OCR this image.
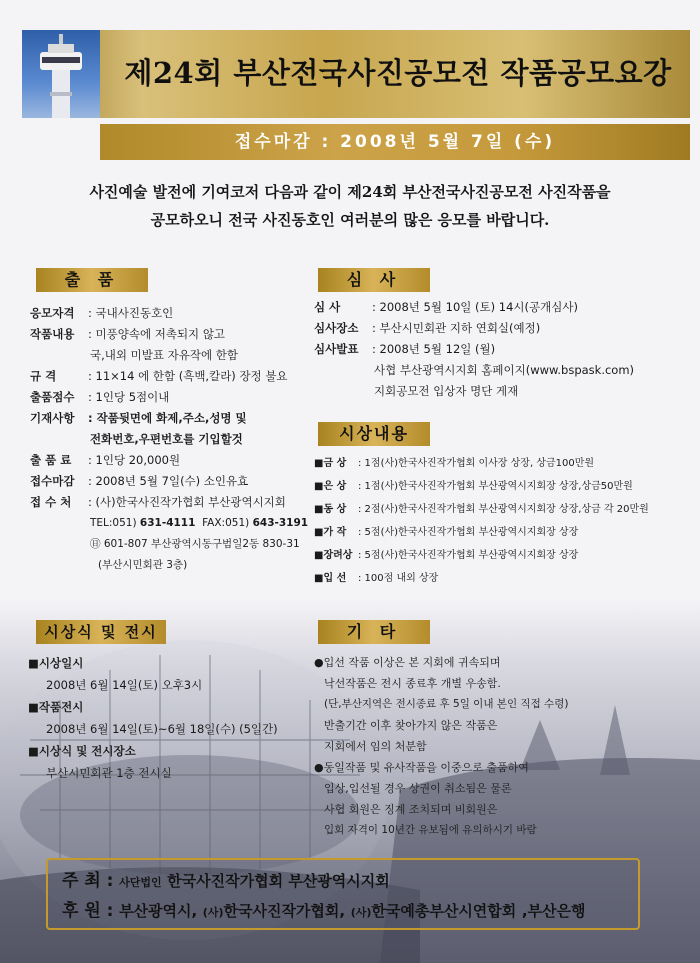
제24회 부산전국사진공모전 작품공모요강
접수마감 : 2008년 5월 7일 (수)
사진예술 발전에 기여코저 다음과 같이 제24회 부산전국사진공모전 사진작품을
공모하오니 전국 사진동호인 여러분의 많은 응모를 바랍니다.
출 품
응모자격	: 국내사진동호인
작품내용	: 미풍양속에 저촉되지 않고
국,내외 미발표 자유작에 한함
규 격	: 11×14 에 한함 (흑백,칼라) 장정 불요
출품점수	: 1인당 5점이내
기재사항	: 작품뒷면에 화제,주소,성명 및
전화번호,우편번호를 기입할것
출 품 료	: 1인당 20,000원
접수마감	: 2008년 5월 7일(수) 소인유효
접 수 처	: (사)한국사진작가협회 부산광역시지회
TEL:051) 631-4111 FAX:051) 643-3191
㊐ 601-807 부산광역시동구범일2동 830-31
(부산시민회관 3층)
심 사
심 사	: 2008년 5월 10일 (토) 14시(공개심사)
심사장소	: 부산시민회관 지하 연회실(예정)
심사발표	: 2008년 5월 12일 (월)
사협 부산광역시지회 홈페이지(www.bspask.com)
지회공모전 입상자 명단 게재
시상내용
■금 상	: 1점(사)한국사진작가협회 이사장 상장, 상금100만원
■은 상	: 1점(사)한국사진작가협회 부산광역시지회장 상장,상금50만원
■동 상	: 2점(사)한국사진작가협회 부산광역시지회장 상장,상금 각 20만원
■가 작	: 5점(사)한국사진작가협회 부산광역시지회장 상장
■장려상 : 5점(사)한국사진작가협회 부산광역시지회장 상장
■입 선	: 100점 내외 상장
시상식 및 전시
■시상일시
2008년 6월 14일(토) 오후3시
■작품전시
2008년 6월 14일(토)~6월 18일(수) (5일간)
■시상식 및 전시장소
부산시민회관 1층 전시실
기 타
●입선 작품 이상은 본 지회에 귀속되며
낙선작품은 전시 종료후 개별 우송함.
(단,부산지역은 전시종료 후 5일 이내 본인 직접 수령)
반출기간 이후 찾아가지 않은 작품은
지회에서 임의 처분함
●동일작품 및 유사작품을 이중으로 출품하여
입상,입선될 경우 상권이 취소됨은 물론
사협 회원은 징계 조치되며 비회원은
입회 자격이 10년간 유보됨에 유의하시기 바람
주 최 : 사단법인 한국사진작가협회 부산광역시지회
후 원 : 부산광역시, (사)한국사진작가협회, (사)한국예총부산시연합회 ,부산은행
